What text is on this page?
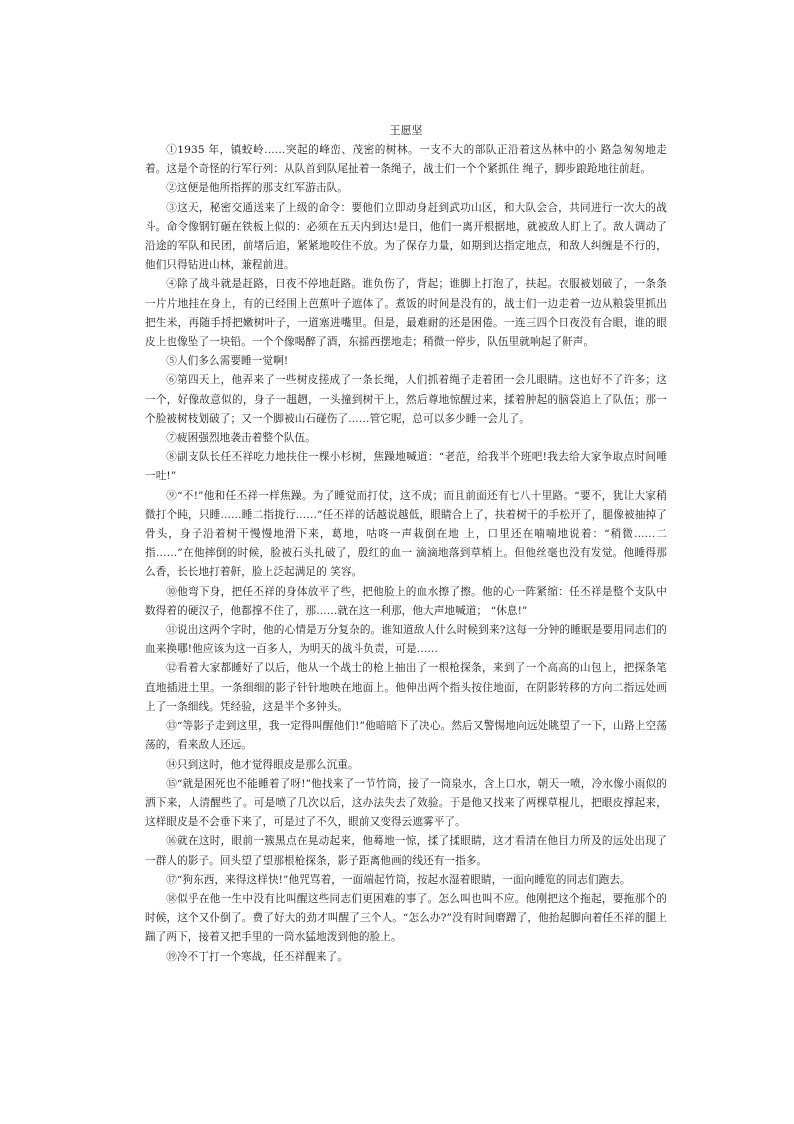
王愿坚

①1935 年，镇蛟岭……突起的峰峦、茂密的树林。一支不大的部队正沿着这丛林中的小 路急匆匆地走着。这是个奇怪的行军行列：从队首到队尾扯着一条绳子，战士们一个个紧抓住 绳子，脚步踉跄地往前赶。

②这便是他所指挥的那支红军游击队。

③这天，秘密交通送来了上级的命令：要他们立即动身赶到武功山区，和大队会合，共同进行一次大的战斗。命令像钢钉砸在铁板上似的：必须在五天内到达!是日，他们一离开根据地，就被敌人盯上了。敌人调动了沿途的军队和民团，前堵后追，紧紧地咬住不放。为了保存力量，如期到达指定地点，和敌人纠缠是不行的，他们只得钻进山林，兼程前进。

④除了战斗就是赶路，日夜不停地赶路。谁负伤了，背起；谁脚上打泡了，扶起。衣服被划破了，一条条一片片地挂在身上，有的已经围上芭蕉叶子遮体了。煮饭的时间是没有的，战士们一边走着一边从粮袋里抓出把生米，再随手捋把嫩树叶子，一道塞进嘴里。但是，最难耐的还是困倦。一连三四个日夜没有合眼，谁的眼皮上也像坠了一块铅。一个个像喝醉了酒，东摇西摆地走；稍微一停步，队伍里就响起了鼾声。

⑤人们多么需要睡一觉啊!

⑥第四天上，他弄来了一些树皮搓成了一条长绳，人们抓着绳子走着团一会儿眼睛。这也好不了许多；这一个，好像故意似的，身子一趄趔，一头撞到树干上，然后尊地惊醒过来，揉着肿起的脑袋追上了队伍；那一个脸被树枝划破了；又一个脚被山石碰伤了……管它呢，总可以多少睡一会儿了。

⑦疲困强烈地袭击着整个队伍。

⑧副支队长任丕祥吃力地扶住一棵小杉树，焦躁地喊道：“老范，给我半个班吧!我去给大家争取点时间唾一吐!”

⑨“不!”他和任丕祥一样焦躁。为了睡觉而打仗，这不成；而且前面还有七八十里路。“要不，犹让大家稍微打个盹，只睡……睡二指拢行……”任丕祥的话越说越低，眼睛合上了，扶着树干的手松开了，腿像被抽掉了骨头，身子沿着树干慢慢地滑下来，葛地，咕咚一声栽倒在地 上，口里还在喃喃地说着：“稍微……二指……”在他摔倒的时候，脸被石头扎破了，殷红的血一 滴滴地落到草梢上。但他丝毫也没有发觉。他睡得那么香，长长地打着鼾，脸上泛起满足的 笑容。

⑩他弯下身，把任丕祥的身体放平了些，把他脸上的血水擦了擦。他的心一阵紧缩：任丕祥是整个支队中数得着的硬汉子，他都撑不住了，那……就在这一利那，他大声地喊道； “休息!”

⑪说出这两个字时，他的心情是万分复杂的。谁知道敌人什么时候到来?这每一分钟的睡眠是要用同志们的血来换哪!他应该为这一百多人，为明天的战斗负责，可是……

⑫看着大家都睡好了以后，他从一个战士的枪上抽出了一根枪探条，来到了一个高高的山包上，把探条笔直地插进土里。一条细细的影子针针地映在地面上。他伸出两个指头按住地面，在阴影转移的方向二指远处画上了一条细线。凭经验，这是半个多钟头。

⑬“等影子走到这里，我一定得叫醒他们!”他暗暗下了决心。然后又警惕地向远处眺望了一下，山路上空荡荡的，看来敌人还远。

⑭只到这时，他才觉得眼皮是那么沉重。

⑮“就是困死也不能睡着了呀!”他找来了一节竹筒，接了一筒泉水，含上口水，朝天一喷，冷水像小雨似的洒下来，人清醒些了。可是喷了几次以后，这办法失去了效验。于是他又找来了两棵草棍儿，把眼皮撑起来，这样眼皮是不会垂下来了，可是过了不久，眼前又变得云遮雾平了。

⑯就在这时，眼前一簇黑点在晃动起来，他蓦地一惊，揉了揉眼睛，这才看清在他目力所及的远处出现了一群人的影子。回头望了望那根枪探条，影子距离他画的线还有一指多。

⑰“狗东西，来得这样快!”他咒骂着，一面端起竹筒，按起水湿着眼睛，一面向睡览的同志们跑去。

⑱似乎在他一生中没有比叫醒这些同志们更困难的事了。怎么叫也叫不应。他刚把这个拖起，要拖那个的时候，这个又仆倒了。费了好大的劲才叫醒了三个人。“怎么办?”没有时间磨蹭了，他抬起脚向着任丕祥的腿上踹了两下，接着又把手里的一筒水猛地泼到他的脸上。

⑲冷不丁打一个寒战，任丕祥醒来了。
